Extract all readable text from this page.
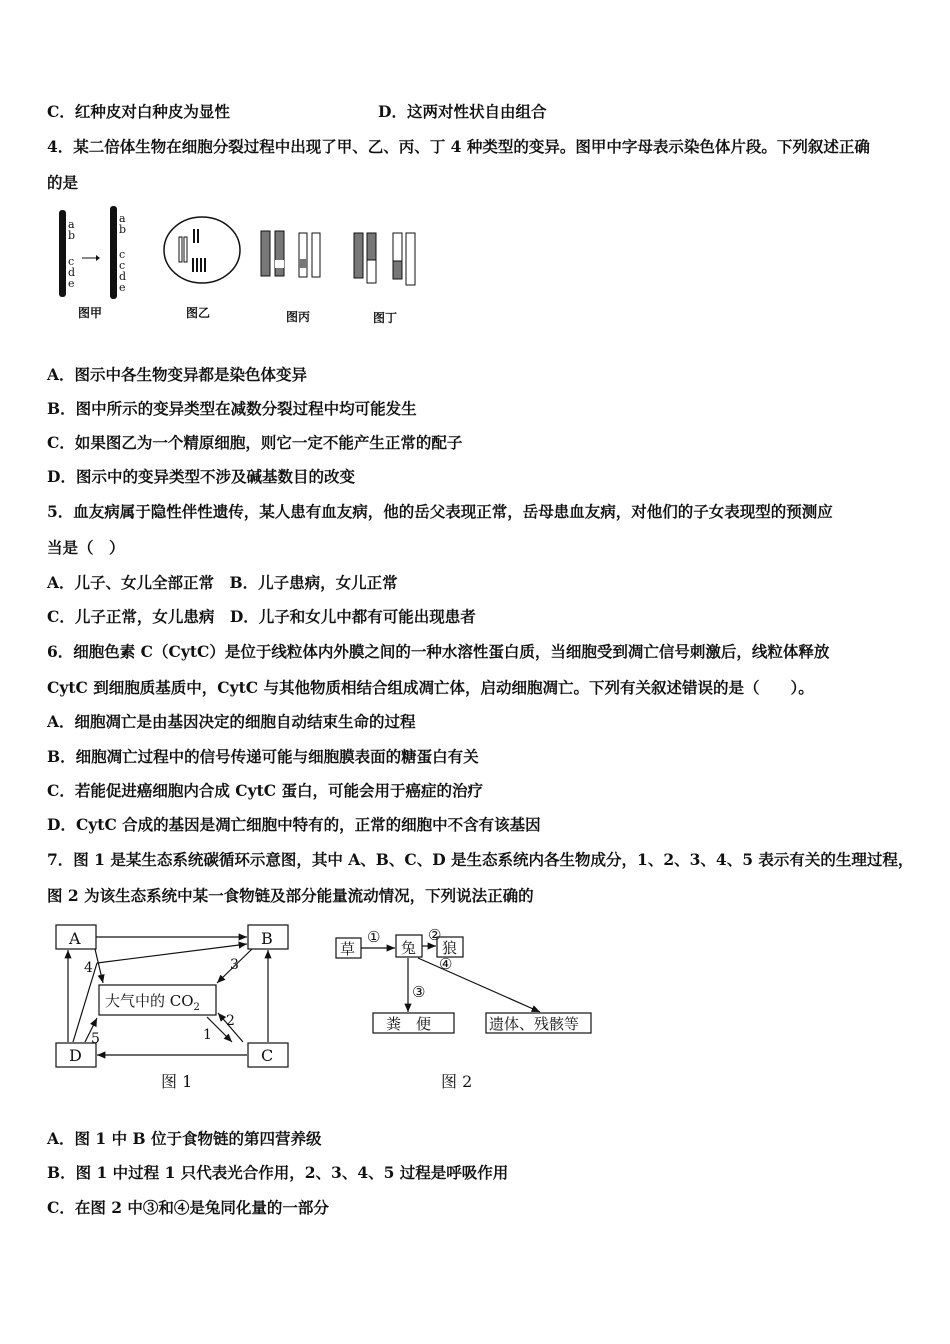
C．红种皮对白种皮为显性	D．这两对性状自由组合
4．某二倍体生物在细胞分裂过程中出现了甲、乙、丙、丁 4 种类型的变异。图甲中字母表示染色体片段。下列叙述正确
的是
a
b
c
d
e
a
b
c
c
d
e
图甲	图乙	图丙	图丁
A．图示中各生物变异都是染色体变异
B．图中所示的变异类型在减数分裂过程中均可能发生
C．如果图乙为一个精原细胞，则它一定不能产生正常的配子
D．图示中的变异类型不涉及碱基数目的改变
5．血友病属于隐性伴性遗传，某人患有血友病，他的岳父表现正常，岳母患血友病，对他们的子女表现型的预测应
当是（　）
A．儿子、女儿全部正常　B．儿子患病，女儿正常
C．儿子正常，女儿患病　D．儿子和女儿中都有可能出现患者
6．细胞色素 C（CytC）是位于线粒体内外膜之间的一种水溶性蛋白质，当细胞受到凋亡信号刺激后，线粒体释放
CytC 到细胞质基质中，CytC 与其他物质相结合组成凋亡体，启动细胞凋亡。下列有关叙述错误的是（　　）。
A．细胞凋亡是由基因决定的细胞自动结束生命的过程
B．细胞凋亡过程中的信号传递可能与细胞膜表面的糖蛋白有关
C．若能促进癌细胞内合成 CytC 蛋白，可能会用于癌症的治疗
D．CytC 合成的基因是凋亡细胞中特有的，正常的细胞中不含有该基因
7．图 1 是某生态系统碳循环示意图，其中 A、B、C、D 是生态系统内各生物成分，1、2、3、4、5 表示有关的生理过程，
图 2 为该生态系统中某一食物链及部分能量流动情况，下列说法正确的
A	B
C
D
大气中的 $CO_2$
1
2
3
4
5
图 1
草	兔 狼
粪　便	遗体、残骸等
①	②
③
④
图 2
A．图 1 中 B 位于食物链的第四营养级
B．图 1 中过程 1 只代表光合作用，2、3、4、5 过程是呼吸作用
C．在图 2 中③和④是兔同化量的一部分
